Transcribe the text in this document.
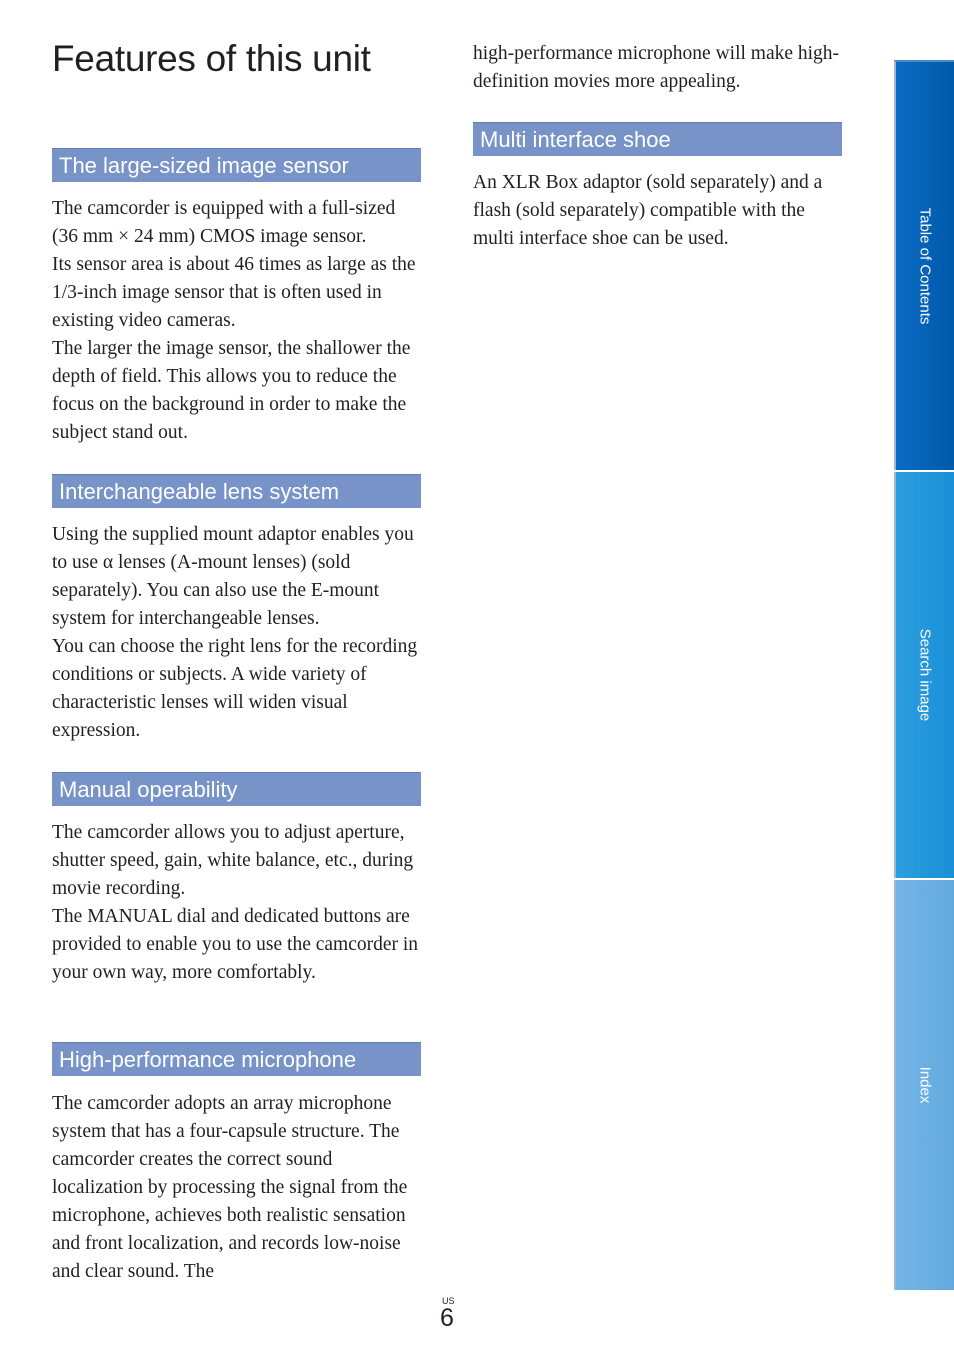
Features of this unit
The large-sized image sensor

The camcorder is equipped with a full-sized (36 mm × 24 mm) CMOS image sensor.

Its sensor area is about 46 times as large as the 1/3-inch image sensor that is often used in existing video cameras.

The larger the image sensor, the shallower the depth of field. This allows you to reduce the focus on the background in order to make the subject stand out.

Interchangeable lens system

Using the supplied mount adaptor enables you to use α lenses (A-mount lenses) (sold separately). You can also use the E-mount system for interchangeable lenses.

You can choose the right lens for the recording conditions or subjects. A wide variety of characteristic lenses will widen visual expression.

Manual operability

The camcorder allows you to adjust aperture, shutter speed, gain, white balance, etc., during movie recording.

The MANUAL dial and dedicated buttons are provided to enable you to use the camcorder in your own way, more comfortably.

High-performance microphone

The camcorder adopts an array microphone system that has a four-capsule structure. The camcorder creates the correct sound localization by processing the signal from the microphone, achieves both realistic sensation and front localization, and records low-noise and clear sound. The

high-performance microphone will make high-definition movies more appealing.

Multi interface shoe

An XLR Box adaptor (sold separately) and a flash (sold separately) compatible with the multi interface shoe can be used.

US
6
Table of Contents
Search image
Index
